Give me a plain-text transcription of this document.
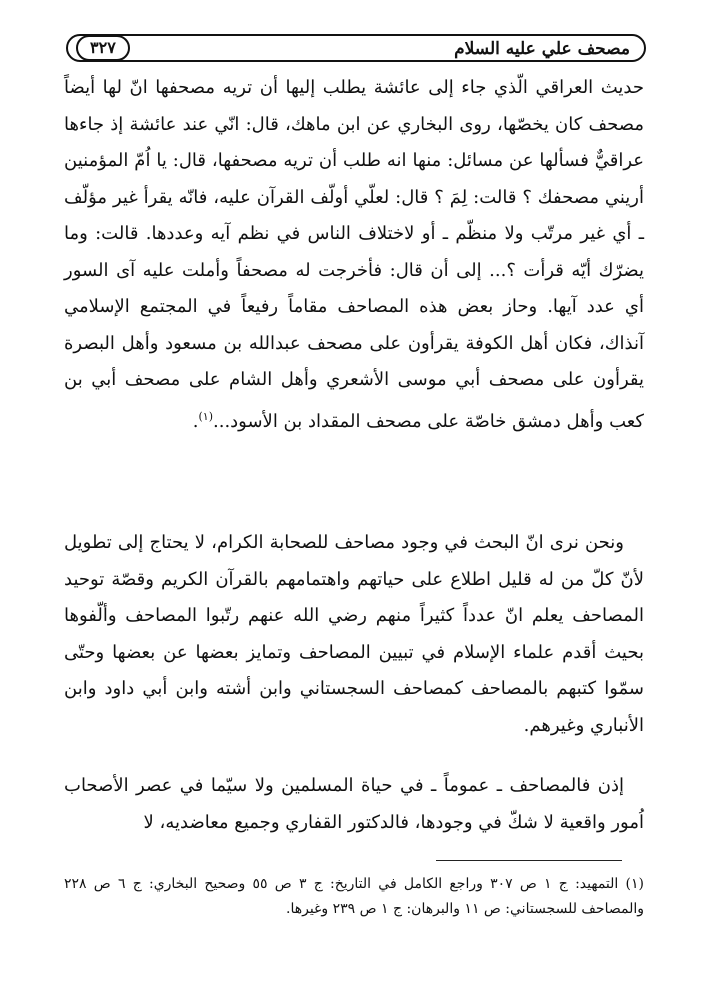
مصحف علي عليه السلام
٣٢٧

حديث العراقي الّذي جاء إلى عائشة يطلب إليها أن تريه مصحفها انّ لها أيضاً مصحف كان يخصّها، روى البخاري عن ابن ماهك، قال: انّي عند عائشة إذ جاءها عراقيٌّ فسألها عن مسائل: منها انه طلب أن تريه مصحفها، قال: يا اُمّ المؤمنين أريني مصحفك ؟ قالت: لِمَ ؟ قال: لعلّي أولّف القرآن عليه، فانّه يقرأ غير مؤلّف ـ أي غير مرتّب ولا منظّم ـ أو لاختلاف الناس في نظم آيه وعددها. قالت: وما يضرّك أيّه قرأت ؟... إلى أن قال: فأخرجت له مصحفاً وأملت عليه آى السور أي عدد آيها. وحاز بعض هذه المصاحف مقاماً رفيعاً في المجتمع الإسلامي آنذاك، فكان أهل الكوفة يقرأون على مصحف عبدالله بن مسعود وأهل البصرة يقرأون على مصحف أبي موسى الأشعري وأهل الشام على مصحف أبي بن كعب وأهل دمشق خاصّة على مصحف المقداد بن الأسود...$^{(١)}$.

ونحن نرى انّ البحث في وجود مصاحف للصحابة الكرام، لا يحتاج إلى تطويل لأنّ كلّ من له قليل اطلاع على حياتهم واهتمامهم بالقرآن الكريم وقصّة توحيد المصاحف يعلم انّ عدداً كثيراً منهم رضي الله عنهم رتّبوا المصاحف وألّفوها بحيث أقدم علماء الإسلام في تبيين المصاحف وتمايز بعضها عن بعضها وحتّى سمّوا كتبهم بالمصاحف كمصاحف السجستاني وابن أشته وابن أبي داود وابن الأنباري وغيرهم.

إذن فالمصاحف ـ عموماً ـ في حياة المسلمين ولا سيّما في عصر الأصحاب اُمور واقعية لا شكّ في وجودها، فالدكتور القفاري وجميع معاضديه، لا

(١) التمهيد: ج ١ ص ٣٠٧ وراجع الكامل في التاريخ: ج ٣ ص ٥٥ وصحيح البخاري: ج ٦ ص ٢٢٨ والمصاحف للسجستاني: ص ١١ والبرهان: ج ١ ص ٢٣٩ وغيرها.
